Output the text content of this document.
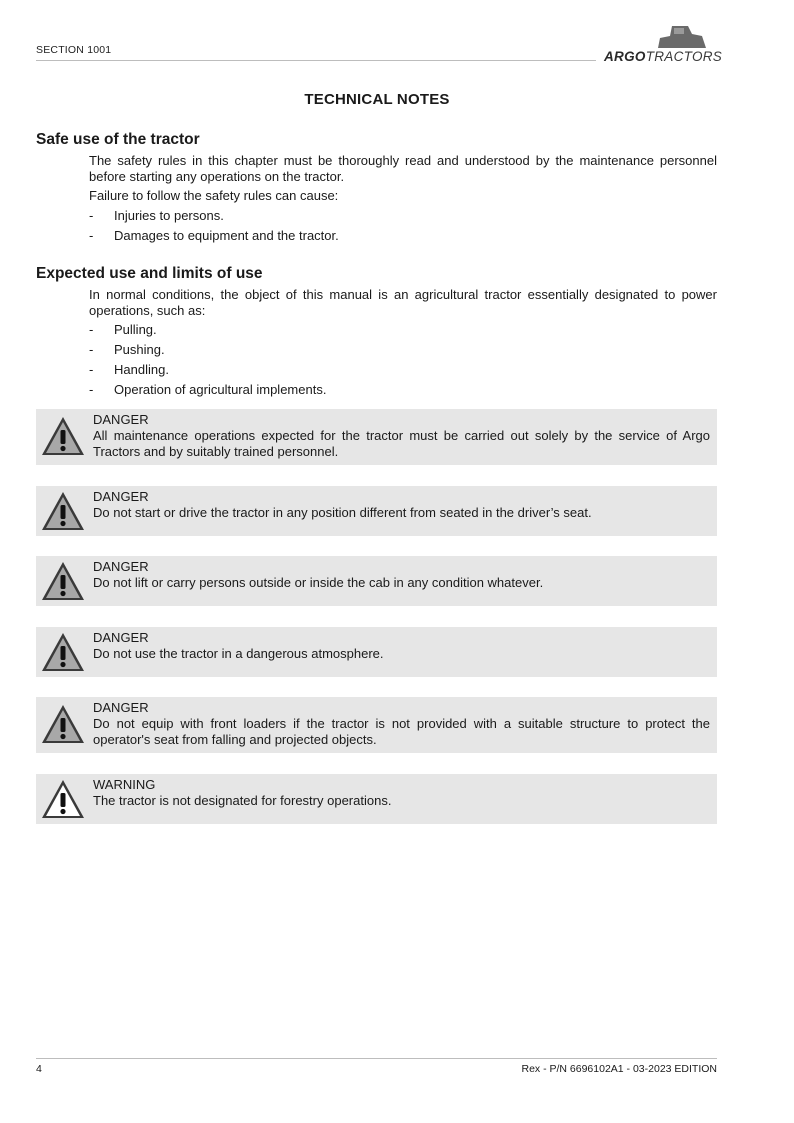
SECTION 1001	ARGOTRACTORS
TECHNICAL NOTES
Safe use of the tractor

The safety rules in this chapter must be thoroughly read and understood by the maintenance personnel before starting any operations on the tractor.

Failure to follow the safety rules can cause:

- Injuries to persons.
- Damages to equipment and the tractor.
Expected use and limits of use

In normal conditions, the object of this manual is an agricultural tractor essentially designated to power operations, such as:

- Pulling.
- Pushing.
- Handling.
- Operation of agricultural implements.
DANGER

All maintenance operations expected for the tractor must be carried out solely by the service of Argo Tractors and by suitably trained personnel.

DANGER

Do not start or drive the tractor in any position different from seated in the driver’s seat.

DANGER

Do not lift or carry persons outside or inside the cab in any condition whatever.

DANGER

Do not use the tractor in a dangerous atmosphere.

DANGER

Do not equip with front loaders if the tractor is not provided with a suitable structure to protect the operator's seat from falling and projected objects.

WARNING

The tractor is not designated for forestry operations.

4	Rex - P/N 6696102A1 - 03-2023 EDITION
